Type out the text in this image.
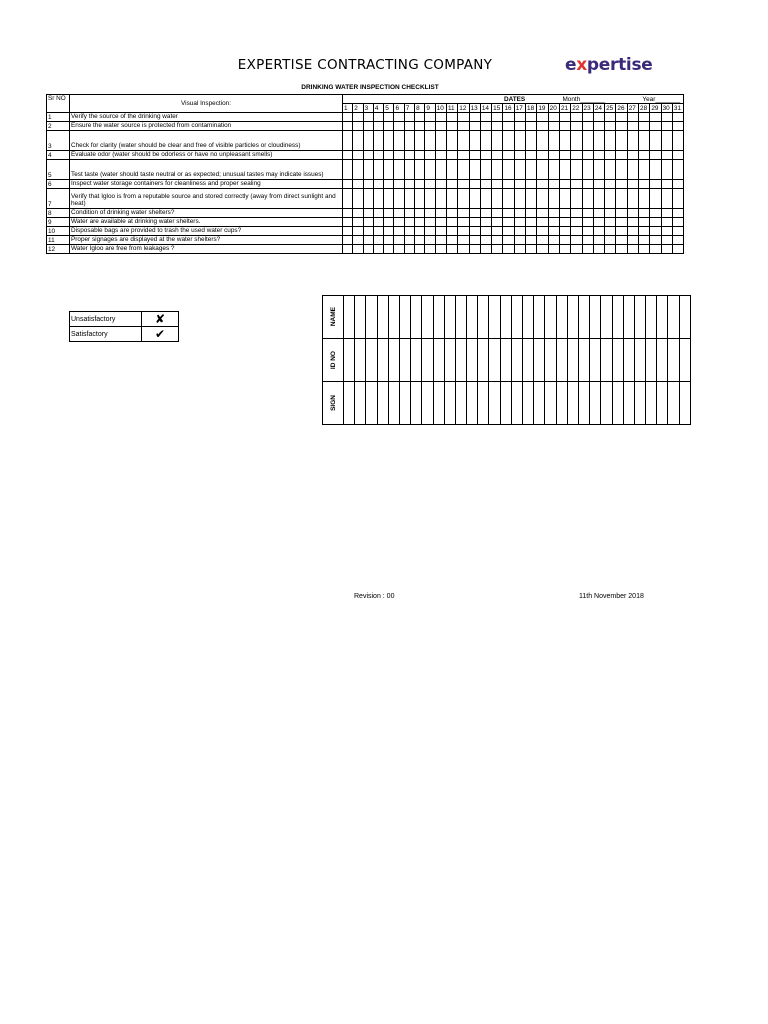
EXPERTISE CONTRACTING COMPANY	expertise
DRINKING WATER INSPECTION CHECKLIST
Sr NO	Visual Inspection:	DATES Month_______ Year_______																														

		1	2	3	4	5	6	7	8	9	10	11	12	13	14	15	16	17	18	19	20	21	22	23	24	25	26	27	28	29	30	31
1	Verify the source of the drinking water																															
2	Ensure the water source is protected from contamination																															
3	Check for clarity (water should be clear and free of visible particles or cloudiness)																															
4	Evaluate odor (water should be odorless or have no unpleasant smells)																															
5	Test taste (water should taste neutral or as expected; unusual tastes may indicate issues)																															
6	Inspect water storage containers for cleanliness and proper sealing																															
7	Verify that Igloo is from a reputable source and stored correctly (away from direct sunlight and heat)																															
8	Condition of drinking water shelters?																															
9	Water are available at drinking water shelters.																															
10	Disposable bags are provided to trash the used water cups?																															
11	Proper signages are displayed at the water shelters?																															
12	Water Igloo are free from leakages ?																															
Unsatisfactory	✘
Satisfactory	✔
NAME																															

ID NO																															

SIGN																															

Revision : 00	11th November 2018
